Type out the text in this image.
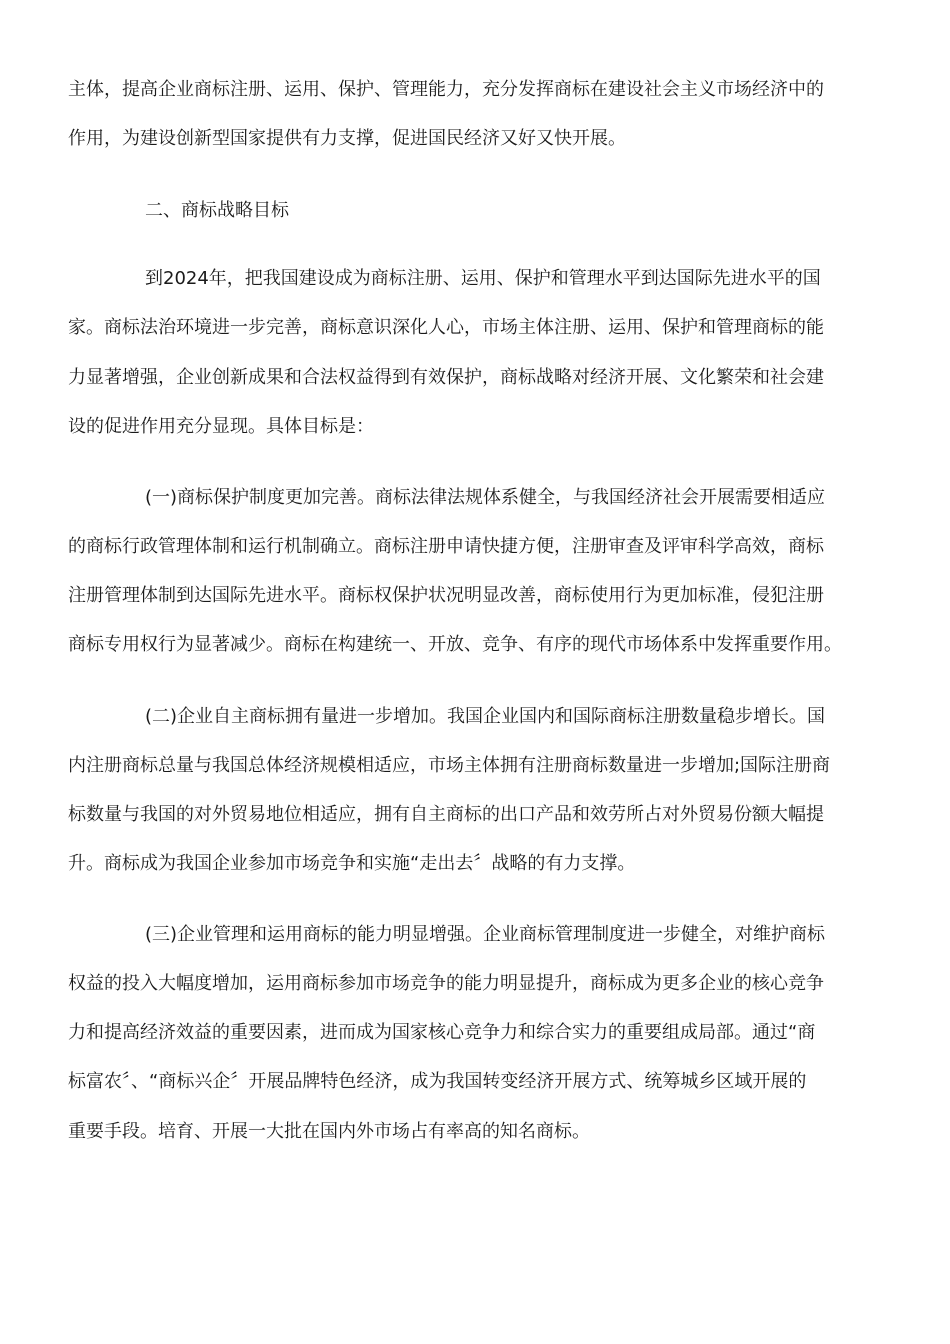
主体，提高企业商标注册、运用、保护、管理能力，充分发挥商标在建设社会主义市场经济中的
作用，为建设创新型国家提供有力支撑，促进国民经济又好又快开展。
二、商标战略目标
到2024年，把我国建设成为商标注册、运用、保护和管理水平到达国际先进水平的国
家。商标法治环境进一步完善，商标意识深化人心，市场主体注册、运用、保护和管理商标的能
力显著增强，企业创新成果和合法权益得到有效保护，商标战略对经济开展、文化繁荣和社会建
设的促进作用充分显现。具体目标是：
(一)商标保护制度更加完善。商标法律法规体系健全，与我国经济社会开展需要相适应
的商标行政管理体制和运行机制确立。商标注册申请快捷方便，注册审查及评审科学高效，商标
注册管理体制到达国际先进水平。商标权保护状况明显改善，商标使用行为更加标准，侵犯注册
商标专用权行为显著减少。商标在构建统一、开放、竞争、有序的现代市场体系中发挥重要作用。
(二)企业自主商标拥有量进一步增加。我国企业国内和国际商标注册数量稳步增长。国
内注册商标总量与我国总体经济规模相适应，市场主体拥有注册商标数量进一步增加;国际注册商
标数量与我国的对外贸易地位相适应，拥有自主商标的出口产品和效劳所占对外贸易份额大幅提
升。商标成为我国企业参加市场竞争和实施“走出去〞战略的有力支撑。
(三)企业管理和运用商标的能力明显增强。企业商标管理制度进一步健全，对维护商标
权益的投入大幅度增加，运用商标参加市场竞争的能力明显提升，商标成为更多企业的核心竞争
力和提高经济效益的重要因素，进而成为国家核心竞争力和综合实力的重要组成局部。通过“商
标富农〞、“商标兴企〞开展品牌特色经济，成为我国转变经济开展方式、统筹城乡区域开展的
重要手段。培育、开展一大批在国内外市场占有率高的知名商标。
